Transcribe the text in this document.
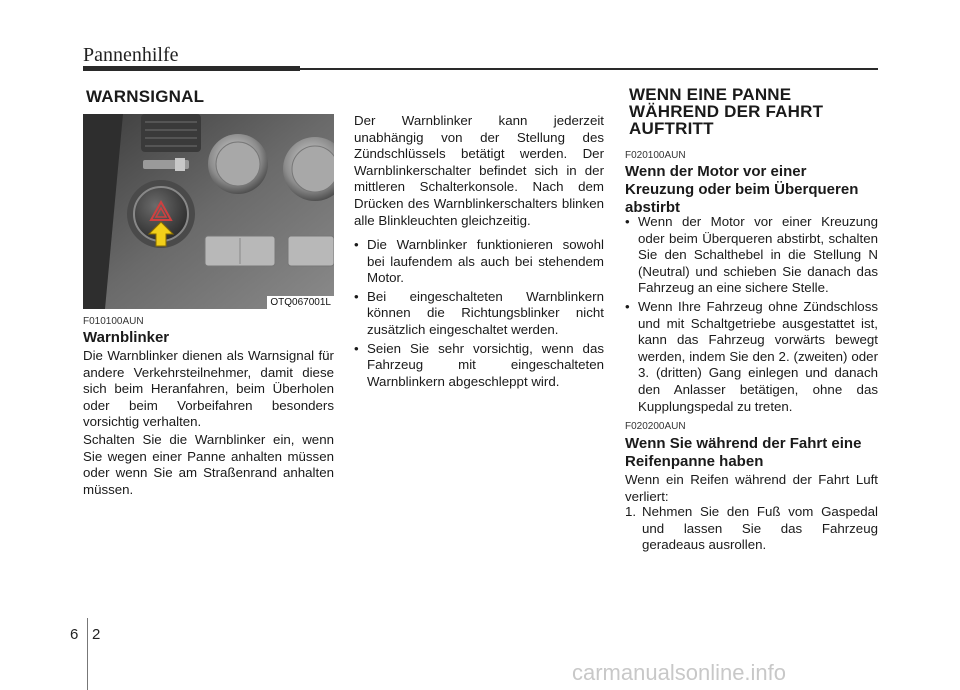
Pannenhilfe
WARNSIGNAL
OTQ067001L
F010100AUN
Warnblinker
Die Warnblinker dienen als Warnsignal für andere Verkehrsteilnehmer, damit diese sich beim Heranfahren, beim Überholen oder beim Vorbeifahren besonders vorsichtig verhalten.
Schalten Sie die Warnblinker ein, wenn Sie wegen einer Panne anhalten müssen oder wenn Sie am Straßenrand anhalten müssen.
Der Warnblinker kann jederzeit unabhängig von der Stellung des Zündschlüssels betätigt werden. Der Warnblinkerschalter befindet sich in der mittleren Schalterkonsole. Nach dem Drücken des Warnblinkerschalters blinken alle Blinkleuchten gleichzeitig.
• Die Warnblinker funktionieren sowohl bei laufendem als auch bei stehendem Motor.
• Bei eingeschalteten Warnblinkern können die Richtungsblinker nicht zusätzlich eingeschaltet werden.
• Seien Sie sehr vorsichtig, wenn das Fahrzeug mit eingeschalteten Warnblinkern abgeschleppt wird.
WENN EINE PANNE
WÄHREND DER FAHRT
AUFTRITT
F020100AUN
Wenn der Motor vor einer Kreuzung oder beim Überqueren abstirbt
• Wenn der Motor vor einer Kreuzung oder beim Überqueren abstirbt, schalten Sie den Schalthebel in die Stellung N (Neutral) und schieben Sie danach das Fahrzeug an eine sichere Stelle.
• Wenn Ihre Fahrzeug ohne Zündschloss und mit Schaltgetriebe ausgestattet ist, kann das Fahrzeug vorwärts bewegt werden, indem Sie den 2. (zweiten) oder 3. (dritten) Gang einlegen und danach den Anlasser betätigen, ohne das Kupplungspedal zu treten.
F020200AUN
Wenn Sie während der Fahrt eine Reifenpanne haben
Wenn ein Reifen während der Fahrt Luft verliert:
1. Nehmen Sie den Fuß vom Gaspedal und lassen Sie das Fahrzeug geradeaus ausrollen.
6 2
carmanualsonline.info
